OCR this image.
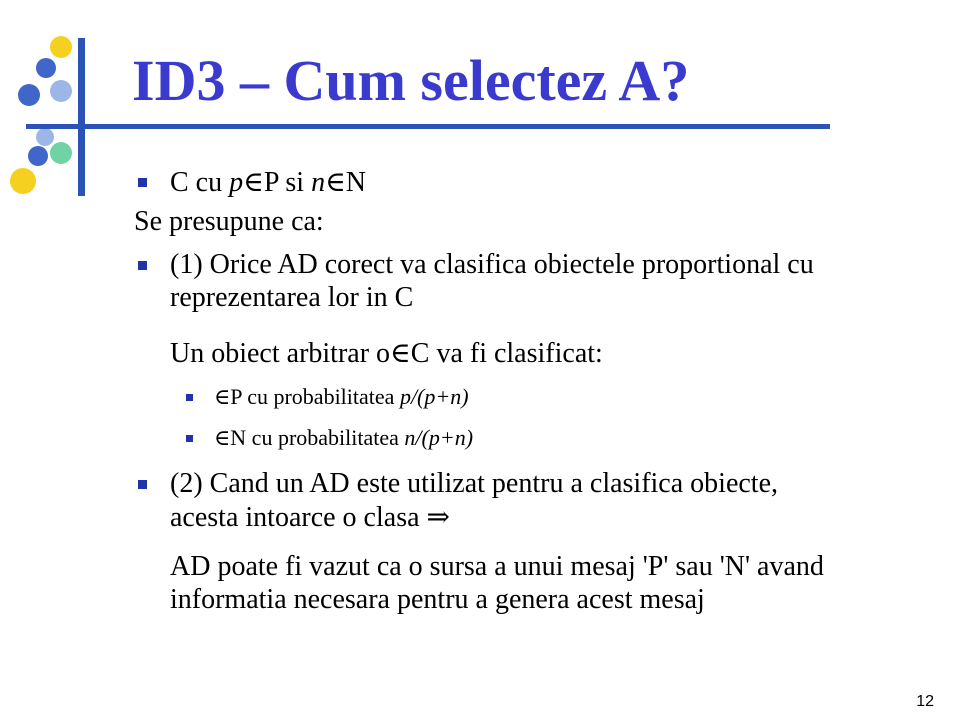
ID3 – Cum selectez A?
C cu p∈P si n∈N
Se presupune ca:
(1) Orice AD corect va clasifica obiectele proportional cu
reprezentarea lor in C
Un obiect arbitrar o∈C va fi clasificat:
∈P cu probabilitatea p/(p+n)
∈N cu probabilitatea n/(p+n)
(2) Cand un AD este utilizat pentru a clasifica obiecte,
acesta intoarce o clasa ⇒
AD poate fi vazut ca o sursa a unui mesaj 'P' sau 'N' avand
informatia necesara pentru a genera acest mesaj
12
